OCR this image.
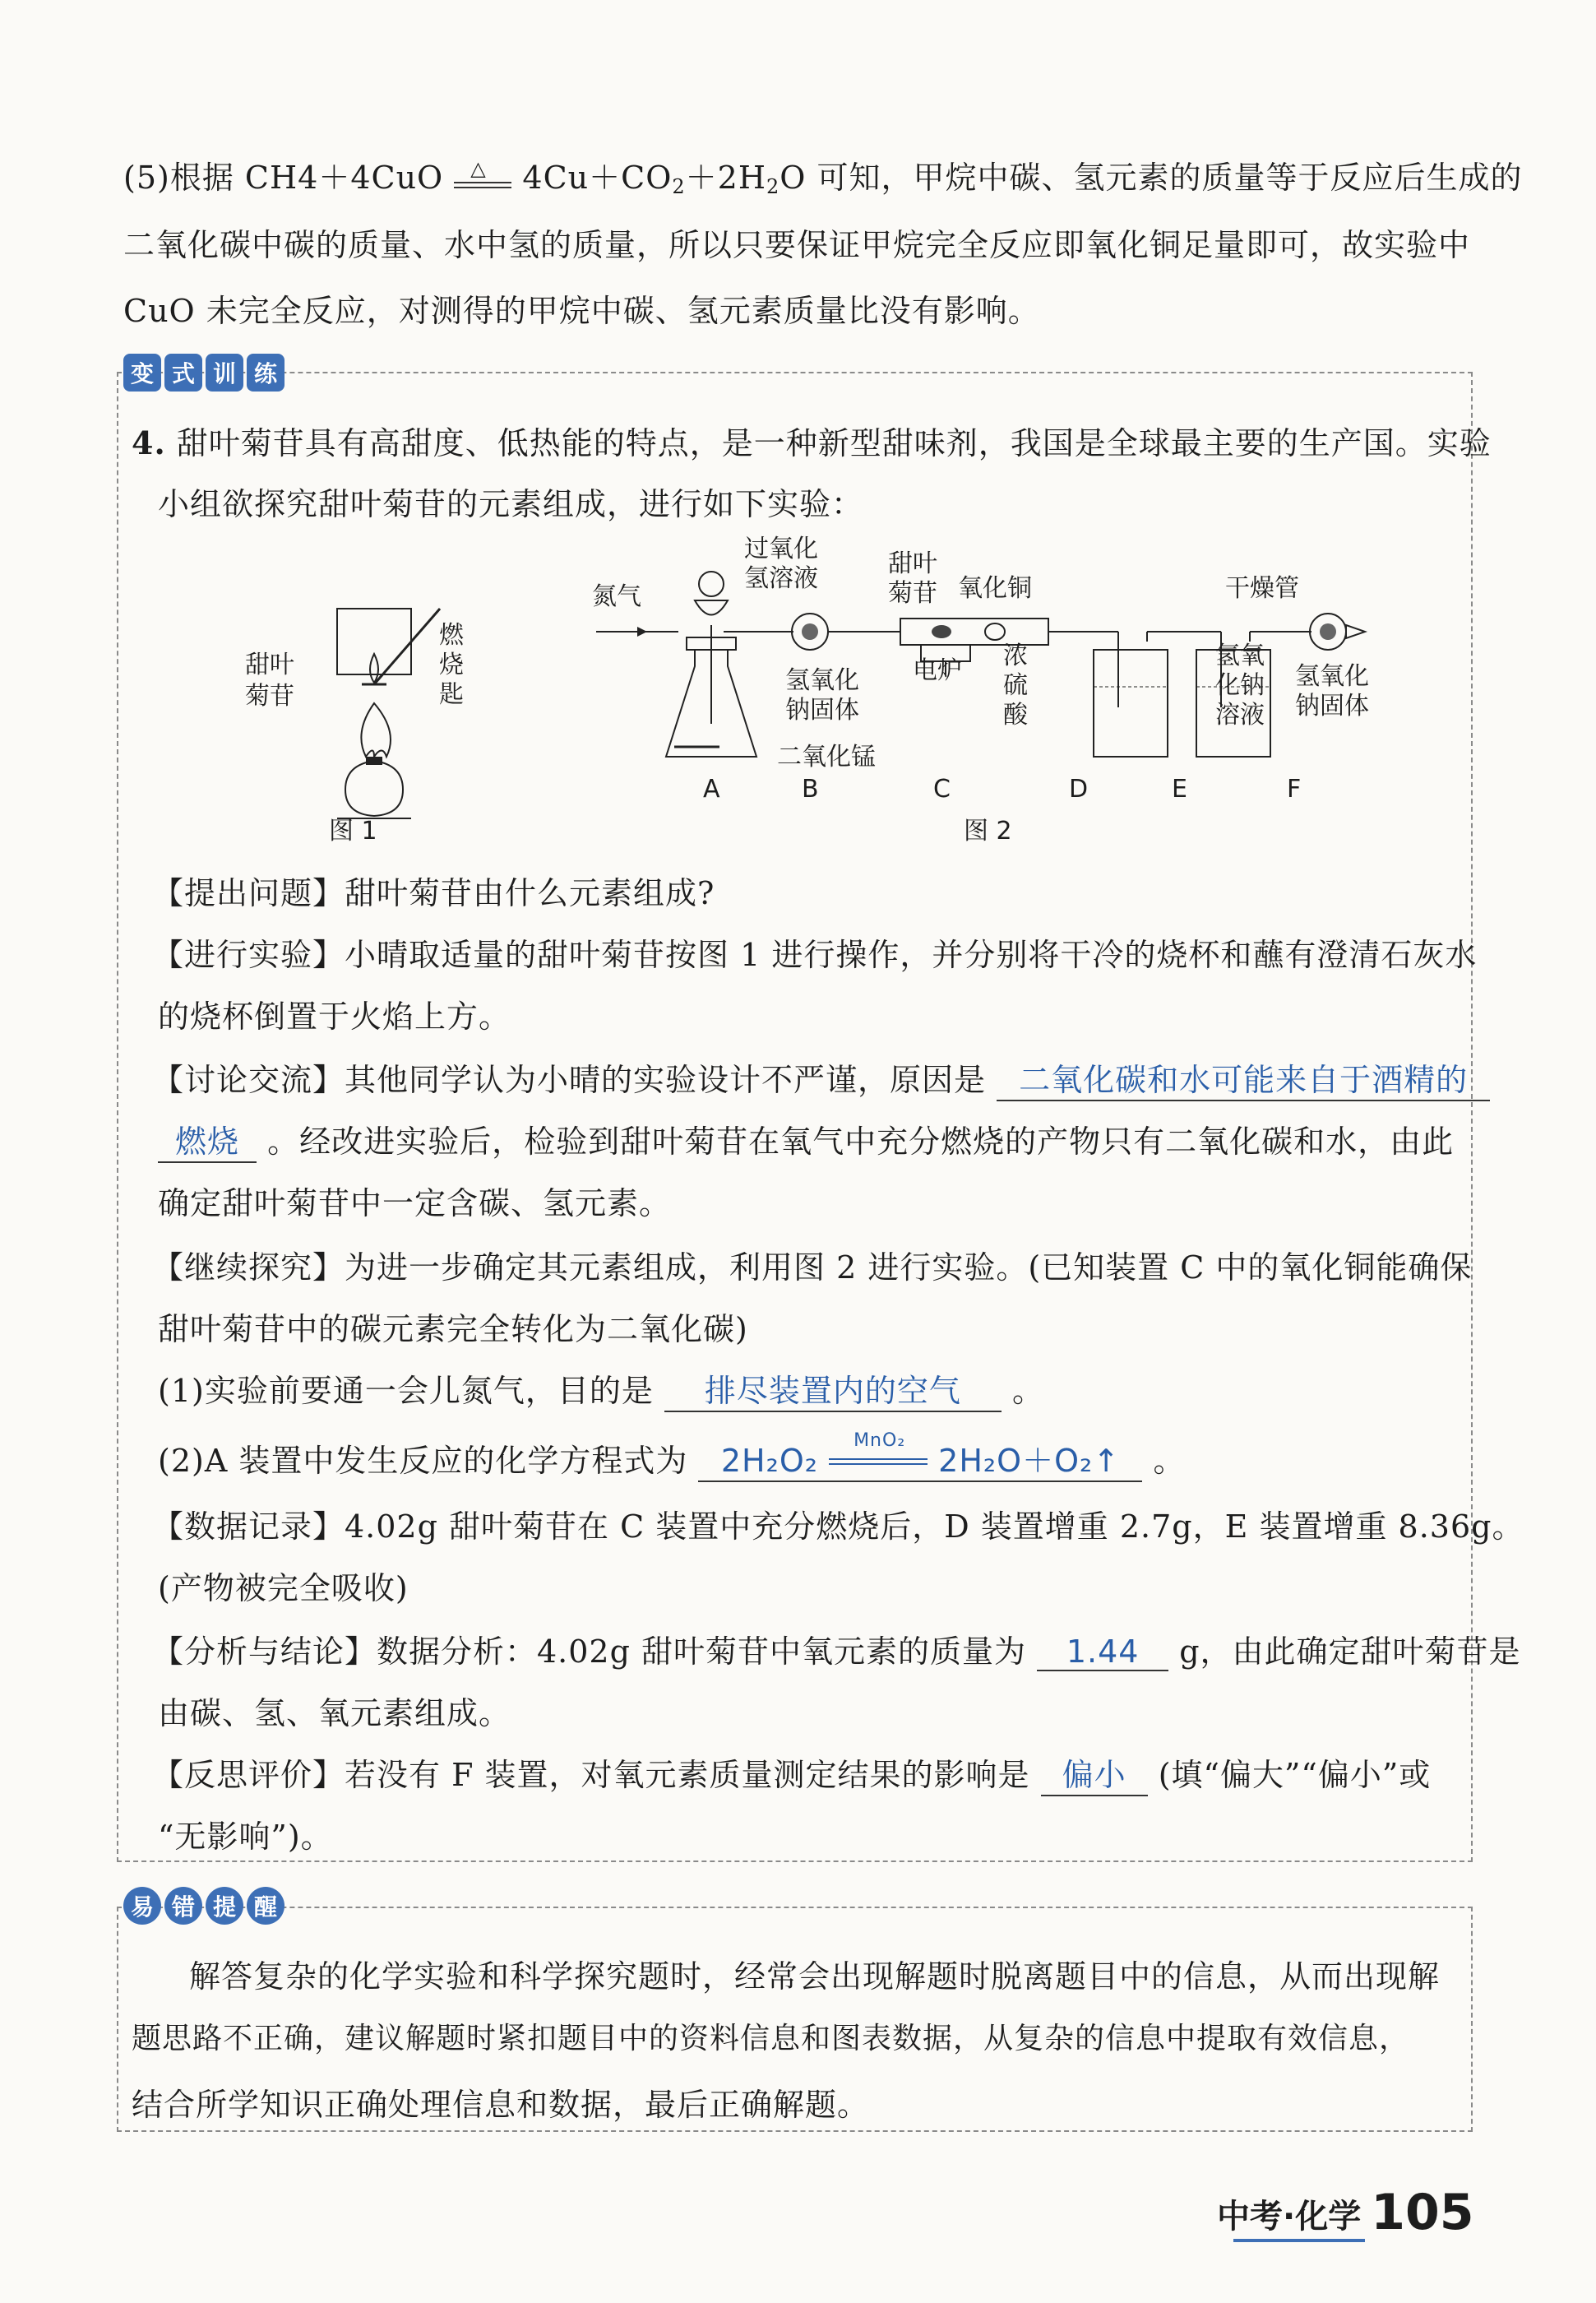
(5)根据 CH4＋4CuO △ $4Cu+CO_2+2H_2O$ 可知，甲烷中碳、氢元素的质量等于反应后生成的
二氧化碳中碳的质量、水中氢的质量，所以只要保证甲烷完全反应即氧化铜足量即可，故实验中
CuO 未完全反应，对测得的甲烷中碳、氢元素质量比没有影响。
变 式 训 练
4. 甜叶菊苷具有高甜度、低热能的特点，是一种新型甜味剂，我国是全球最主要的生产国。实验
小组欲探究甜叶菊苷的元素组成，进行如下实验：
甜叶
菊苷
燃
烧
匙
图 1
氮气
过氧化
氢溶液
甜叶
菊苷 氧化铜	干燥管
氢氧化
钠固体
电炉
浓
硫
酸
氢氧
化钠
溶液
氢氧化
钠固体
二氧化锰
A	B	C	D	E	F
图 2
【提出问题】甜叶菊苷由什么元素组成?
【进行实验】小晴取适量的甜叶菊苷按图 1 进行操作，并分别将干冷的烧杯和蘸有澄清石灰水
的烧杯倒置于火焰上方。
【讨论交流】其他同学认为小晴的实验设计不严谨，原因是 二氧化碳和水可能来自于酒精的
燃烧 。经改进实验后，检验到甜叶菊苷在氧气中充分燃烧的产物只有二氧化碳和水，由此
确定甜叶菊苷中一定含碳、氢元素。
【继续探究】为进一步确定其元素组成，利用图 2 进行实验。(已知装置 C 中的氧化铜能确保
甜叶菊苷中的碳元素完全转化为二氧化碳)
(1)实验前要通一会儿氮气，目的是 排尽装置内的空气 。
(2)A 装置中发生反应的化学方程式为 2H₂O₂
MnO₂
2H₂O＋O₂↑ 。
【数据记录】4.02g 甜叶菊苷在 C 装置中充分燃烧后，D 装置增重 2.7g，E 装置增重 8.36g。
(产物被完全吸收)
【分析与结论】数据分析：4.02g 甜叶菊苷中氧元素的质量为 1.44 g，由此确定甜叶菊苷是
由碳、氢、氧元素组成。
【反思评价】若没有 F 装置，对氧元素质量测定结果的影响是 偏小 (填“偏大”“偏小”或
“无影响”)。
易 错 提 醒
解答复杂的化学实验和科学探究题时，经常会出现解题时脱离题目中的信息，从而出现解
题思路不正确，建议解题时紧扣题目中的资料信息和图表数据，从复杂的信息中提取有效信息，
结合所学知识正确处理信息和数据，最后正确解题。
中考·化学 105
